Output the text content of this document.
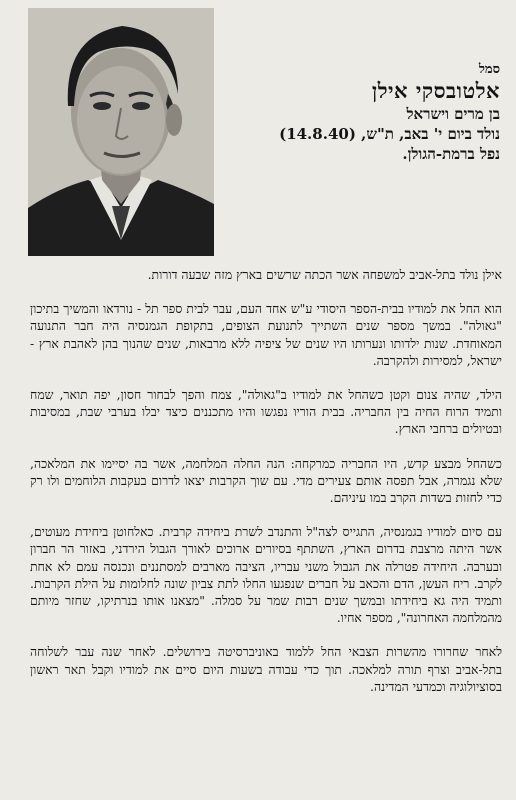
סמל
אלטובסקי אילן
בן מרים וישראל
נולד ביום י' באב, ת"ש, (14.8.40)
נפל ברמת-הגולן.

אילן נולד בתל-אביב למשפחה אשר הכתה שרשים בארץ מזה שבעה דורות.

הוא החל את למודיו בבית-הספר היסודי ע"ש אחד העם, עבר לבית ספר תל - נורדאו והמשיך בתיכון "גאולה". במשך מספר שנים השתייך לתנועת הצופים, בתקופת הגמנסיה היה חבר התנועה המאוחדת. שנות ילדותו ונערותו היו שנים של ציפיה ללא מרבאות, שנים שהנוך בהן לאהבת ארץ - ישראל, למסירות ולהקרבה.

הילד, שהיה צנום וקטן כשהחל את למודיו ב"גאולה", צמח והפך לבחור חסון, יפה תואר, שמח ותמיד הרוח החיה בין החבריה. בבית הוריו נפגשו והיו מתכננים כיצד יבלו בערבי שבת, במסיבות ובטיולים ברחבי הארץ.

כשהחל מבצע קדש, היו החבריה כמרקחה: הנה החלה המלחמה, אשר בה יסיימו את המלאכה, שלא נגמרה, אבל תפסה אותם צעירים מדי. עם שוך הקרבות יצאו לדרום בעקבות הלוחמים ולו רק כדי לחזות בשדות הקרב במו עיניהם.

עם סיום למודיו בגמנסיה, התגייס לצה"ל והתנדב לשרת ביחידה קרבית. כאלחוטן ביחידת מעוטים, אשר היתה מרצבת בדרום הארץ, השתתף בסיורים ארוכים לאורך הגבול הירדני, באזור הר חברון ובערבה. היחידה פטרלה את הגבול משני עבריו, הציבה מארבים למסתננים ונכנסה עמם לא אחת לקרב. ריח העשן, הדם והכאב על חברים שנפגעו החלו לתת צביון שונה לחלומות על הילת הקרבות. ותמיד היה גא ביחידתו ובמשך שנים רבות שמר על סמלה. "מצאנו אותו בנרתיקו, שחזר מיותם מהמלחמה האחרונה", מספר אחיו.

לאחר שחרורו מהשרות הצבאי החל ללמוד באוניברסיטה בירושלים. לאחר שנה עבר לשלוחה בתל-אביב וצרף תורה למלאכה. תוך כדי עבודה בשעות היום סיים את למודיו וקבל תאר ראשון בסוציולוגיה וכמדעי המדינה.
